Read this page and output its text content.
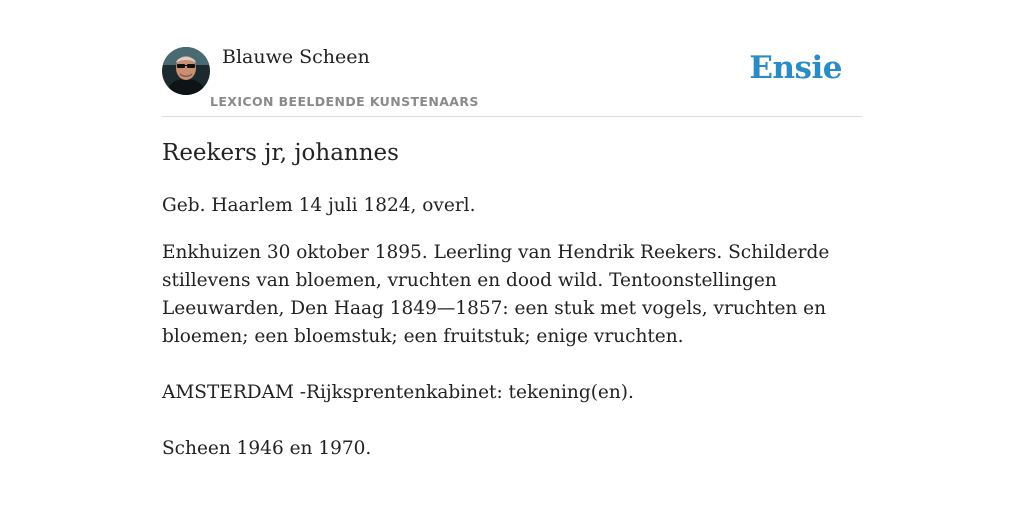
Blauwe Scheen
LEXICON BEELDENDE KUNSTENAARS
Ensie
Reekers jr, johannes

Geb. Haarlem 14 juli 1824, overl.

Enkhuizen 30 oktober 1895. Leerling van Hendrik Reekers. Schilderde stillevens van bloemen, vruchten en dood wild. Tentoonstellingen Leeuwarden, Den Haag 1849—1857: een stuk met vogels, vruchten en bloemen; een bloemstuk; een fruitstuk; enige vruchten.

AMSTERDAM -Rijksprentenkabinet: tekening(en).

Scheen 1946 en 1970.
